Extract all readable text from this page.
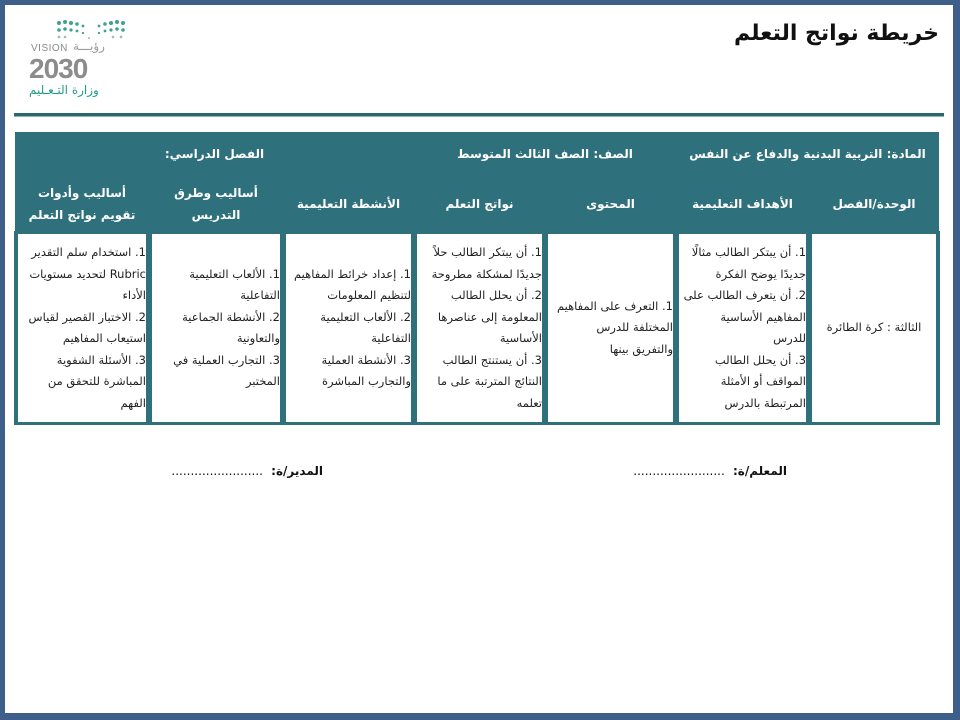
VISION رؤيـــة
2030
وزارة التـعـليم
خريطة نواتج التعلم
المادة: التربية البدنية والدفاع عن النفس		الصف: الصف الثالث المتوسط		الفصل الدراسي:		
الوحدة/الفصل	الأهداف التعليمية	المحتوى	نواتج التعلم	الأنشطة التعليمية	أساليب وطرق التدريس	أساليب وأدوات تقويم نواتج التعلم
الثالثة : كرة الطائرة	
1. أن يبتكر الطالب مثالًا
جديدًا يوضح الفكرة
2. أن يتعرف الطالب على
المفاهيم الأساسية
للدرس
3. أن يحلل الطالب
المواقف أو الأمثلة
المرتبطة بالدرس

1. التعرف على المفاهيم
المختلفة للدرس
والتفريق بينها

1. أن يبتكر الطالب حلاً
جديدًا لمشكلة مطروحة
2. أن يحلل الطالب
المعلومة إلى عناصرها
الأساسية
3. أن يستنتج الطالب
النتائج المترتبة على ما
تعلمه

1. إعداد خرائط المفاهيم
لتنظيم المعلومات
2. الألعاب التعليمية
التفاعلية
3. الأنشطة العملية
والتجارب المباشرة

1. الألعاب التعليمية
التفاعلية
2. الأنشطة الجماعية
والتعاونية
3. التجارب العملية في
المختبر

1. استخدام سلم التقدير
Rubric لتحديد مستويات
الأداء
2. الاختبار القصير لقياس
استيعاب المفاهيم
3. الأسئلة الشفوية
المباشرة للتحقق من
الفهم
المعلم/ة: ........................
المدير/ة: ........................
